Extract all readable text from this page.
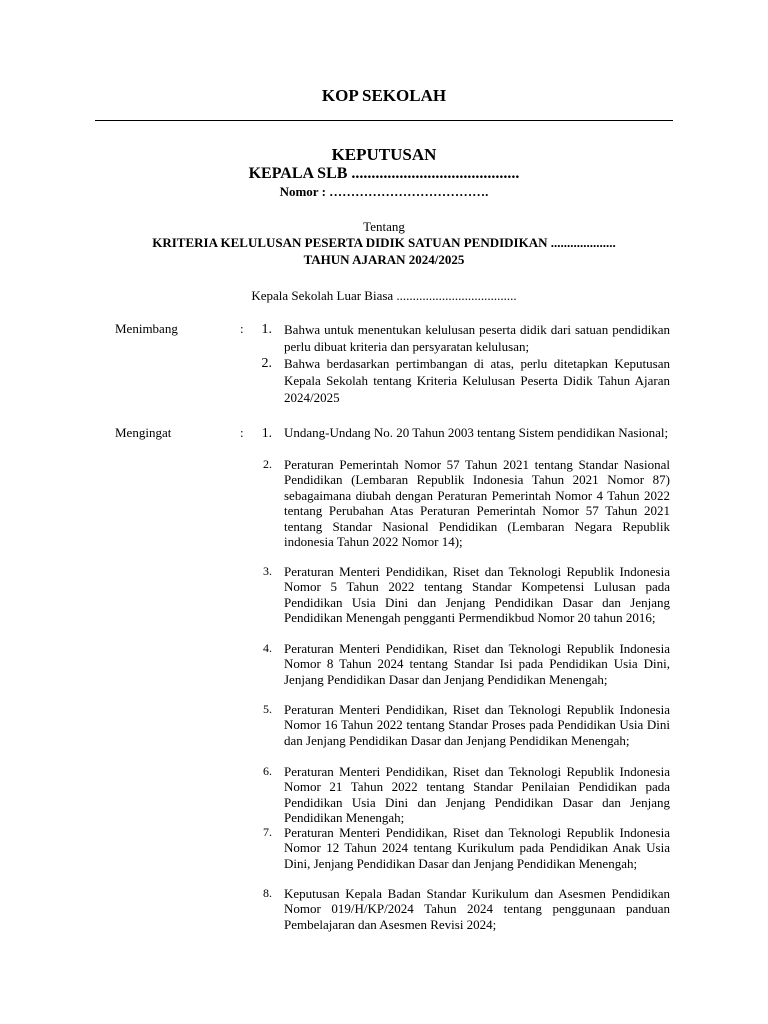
KOP SEKOLAH
KEPUTUSAN
KEPALA SLB ..........................................
Nomor : ……………………………….
Tentang
KRITERIA KELULUSAN PESERTA DIDIK SATUAN PENDIDIKAN ....................
TAHUN AJARAN 2024/2025
Kepala Sekolah Luar Biasa .....................................
Menimbang	:	1. Bahwa untuk menentukan kelulusan peserta didik dari satuan pendidikan perlu dibuat kriteria dan persyaratan kelulusan;
2. Bahwa berdasarkan pertimbangan di atas, perlu ditetapkan Keputusan Kepala Sekolah tentang Kriteria Kelulusan Peserta Didik Tahun Ajaran 2024/2025
Mengingat	:	1. Undang-Undang No. 20 Tahun 2003 tentang Sistem pendidikan Nasional;
2. Peraturan Pemerintah Nomor 57 Tahun 2021 tentang Standar Nasional Pendidikan (Lembaran Republik Indonesia Tahun 2021 Nomor 87) sebagaimana diubah dengan Peraturan Pemerintah Nomor 4 Tahun 2022 tentang Perubahan Atas Peraturan Pemerintah Nomor 57 Tahun 2021 tentang Standar Nasional Pendidikan (Lembaran Negara Republik indonesia Tahun 2022 Nomor 14);
3. Peraturan Menteri Pendidikan, Riset dan Teknologi Republik Indonesia Nomor 5 Tahun 2022 tentang Standar Kompetensi Lulusan pada Pendidikan Usia Dini dan Jenjang Pendidikan Dasar dan Jenjang Pendidikan Menengah pengganti Permendikbud Nomor 20 tahun 2016;
4. Peraturan Menteri Pendidikan, Riset dan Teknologi Republik Indonesia Nomor 8 Tahun 2024 tentang Standar Isi pada Pendidikan Usia Dini, Jenjang Pendidikan Dasar dan Jenjang Pendidikan Menengah;
5. Peraturan Menteri Pendidikan, Riset dan Teknologi Republik Indonesia Nomor 16 Tahun 2022 tentang Standar Proses pada Pendidikan Usia Dini dan Jenjang Pendidikan Dasar dan Jenjang Pendidikan Menengah;
6. Peraturan Menteri Pendidikan, Riset dan Teknologi Republik Indonesia Nomor 21 Tahun 2022 tentang Standar Penilaian Pendidikan pada Pendidikan Usia Dini dan Jenjang Pendidikan Dasar dan Jenjang Pendidikan Menengah;
7. Peraturan Menteri Pendidikan, Riset dan Teknologi Republik Indonesia Nomor 12 Tahun 2024 tentang Kurikulum pada Pendidikan Anak Usia Dini, Jenjang Pendidikan Dasar dan Jenjang Pendidikan Menengah;
8. Keputusan Kepala Badan Standar Kurikulum dan Asesmen Pendidikan Nomor 019/H/KP/2024 Tahun 2024 tentang penggunaan panduan Pembelajaran dan Asesmen Revisi 2024;
